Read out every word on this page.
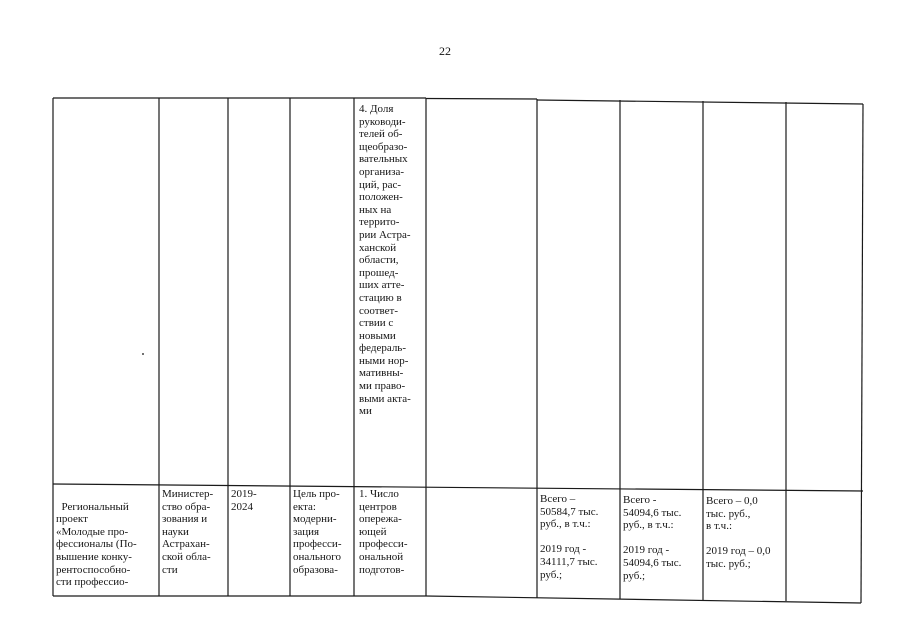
22
4. Доля
руководи-
телей об-
щеобразо-
вательных
организа-
ций, рас-
положен-
ных на
террито-
рии Астра-
ханской
области,
прошед-
ших атте-
стацию в
соответ-
ствии с
новыми
федераль-
ными нор-
мативны-
ми право-
выми акта-
ми

Региональный
проект
«Молодые про-
фессионалы (По-
вышение конку-
рентоспособно-
сти профессио-

Министер-
ство обра-
зования и
науки
Астрахан-
ской обла-
сти
2019-
2024
Цель про-
екта:
модерни-
зация
професси-
онального
образова-
1. Число
центров
опережа-
ющей
професси-
ональной
подготов-
Всего –
50584,7 тыс.
руб., в т.ч.:

2019 год -
34111,7 тыс.
руб.;
Всего -
54094,6 тыс.
руб., в т.ч.:

2019 год -
54094,6 тыс.
руб.;
Всего – 0,0
тыс. руб.,
в т.ч.:

2019 год – 0,0
тыс. руб.;
